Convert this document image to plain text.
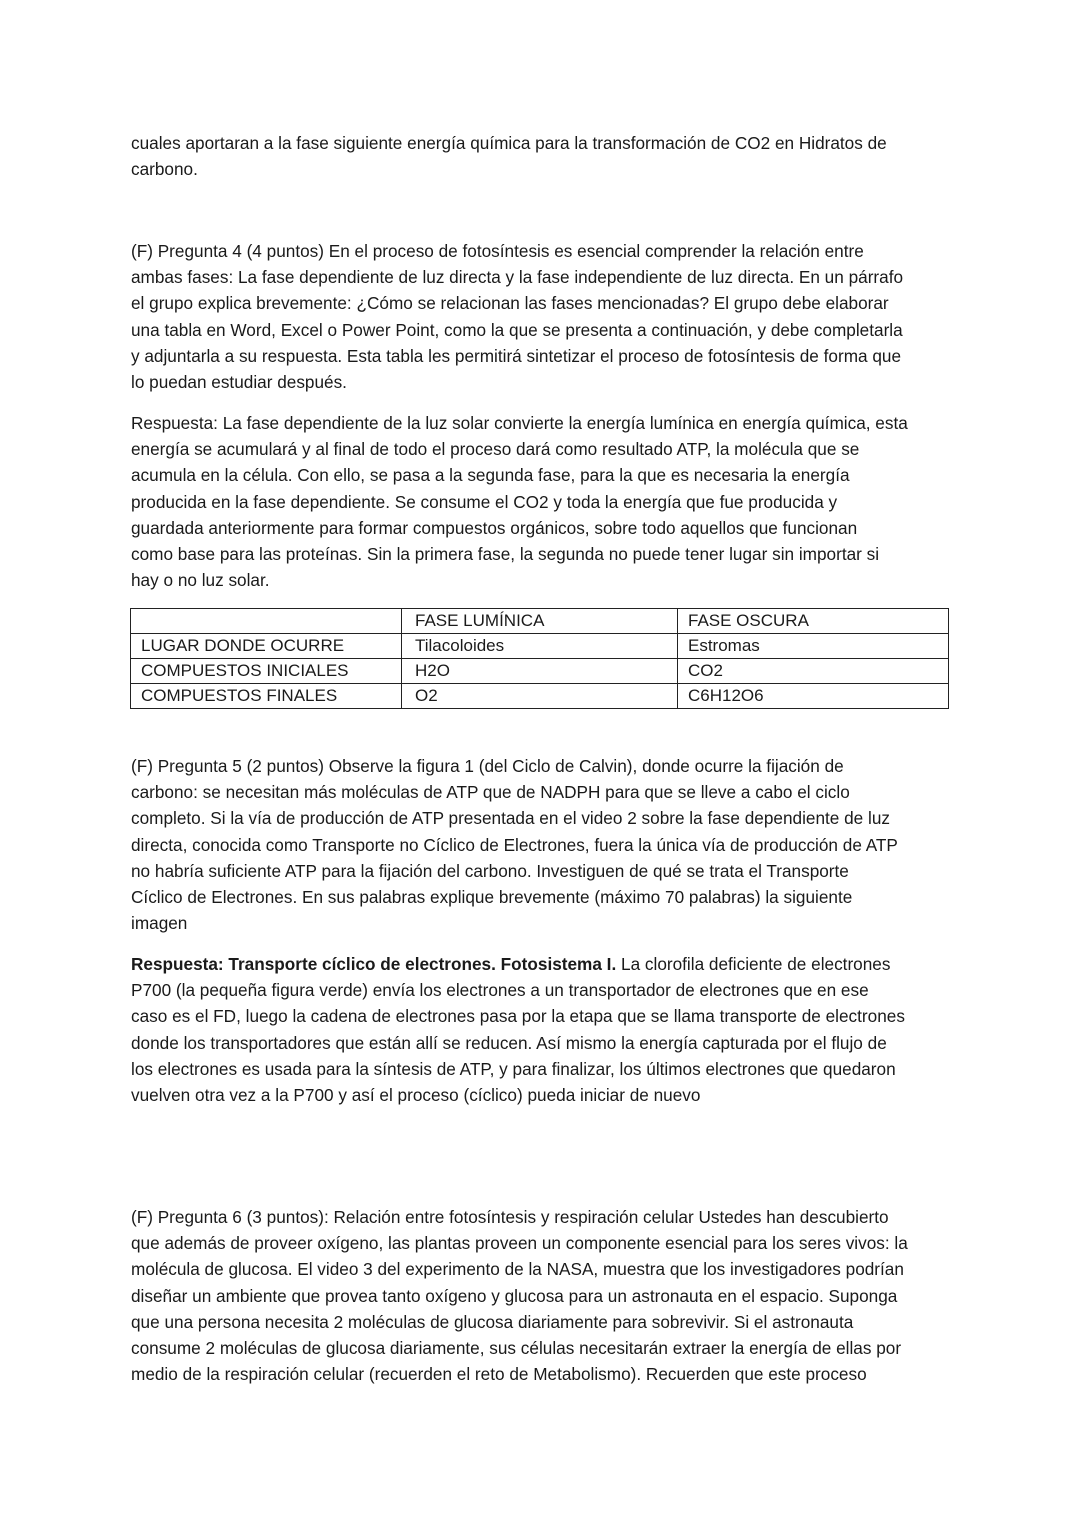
cuales aportaran a la fase siguiente energía química para la transformación de CO2 en Hidratos de
carbono.

(F) Pregunta 4 (4 puntos) En el proceso de fotosíntesis es esencial comprender la relación entre
ambas fases: La fase dependiente de luz directa y la fase independiente de luz directa. En un párrafo
el grupo explica brevemente: ¿Cómo se relacionan las fases mencionadas? El grupo debe elaborar
una tabla en Word, Excel o Power Point, como la que se presenta a continuación, y debe completarla
y adjuntarla a su respuesta. Esta tabla les permitirá sintetizar el proceso de fotosíntesis de forma que
lo puedan estudiar después.

Respuesta: La fase dependiente de la luz solar convierte la energía lumínica en energía química, esta
energía se acumulará y al final de todo el proceso dará como resultado ATP, la molécula que se
acumula en la célula. Con ello, se pasa a la segunda fase, para la que es necesaria la energía
producida en la fase dependiente. Se consume el CO2 y toda la energía que fue producida y
guardada anteriormente para formar compuestos orgánicos, sobre todo aquellos que funcionan
como base para las proteínas. Sin la primera fase, la segunda no puede tener lugar sin importar si
hay o no luz solar.

	FASE LUMÍNICA	FASE OSCURA
LUGAR DONDE OCURRE	Tilacoloides	Estromas
COMPUESTOS INICIALES	H2O	CO2
COMPUESTOS FINALES	O2	C6H12O6

(F) Pregunta 5 (2 puntos) Observe la figura 1 (del Ciclo de Calvin), donde ocurre la fijación de
carbono: se necesitan más moléculas de ATP que de NADPH para que se lleve a cabo el ciclo
completo. Si la vía de producción de ATP presentada en el video 2 sobre la fase dependiente de luz
directa, conocida como Transporte no Cíclico de Electrones, fuera la única vía de producción de ATP
no habría suficiente ATP para la fijación del carbono. Investiguen de qué se trata el Transporte
Cíclico de Electrones. En sus palabras explique brevemente (máximo 70 palabras) la siguiente
imagen

Respuesta: Transporte cíclico de electrones. Fotosistema I. La clorofila deficiente de electrones
P700 (la pequeña figura verde) envía los electrones a un transportador de electrones que en ese
caso es el FD, luego la cadena de electrones pasa por la etapa que se llama transporte de electrones
donde los transportadores que están allí se reducen. Así mismo la energía capturada por el flujo de
los electrones es usada para la síntesis de ATP, y para finalizar, los últimos electrones que quedaron
vuelven otra vez a la P700 y así el proceso (cíclico) pueda iniciar de nuevo

(F) Pregunta 6 (3 puntos): Relación entre fotosíntesis y respiración celular Ustedes han descubierto
que además de proveer oxígeno, las plantas proveen un componente esencial para los seres vivos: la
molécula de glucosa. El video 3 del experimento de la NASA, muestra que los investigadores podrían
diseñar un ambiente que provea tanto oxígeno y glucosa para un astronauta en el espacio. Suponga
que una persona necesita 2 moléculas de glucosa diariamente para sobrevivir. Si el astronauta
consume 2 moléculas de glucosa diariamente, sus células necesitarán extraer la energía de ellas por
medio de la respiración celular (recuerden el reto de Metabolismo). Recuerden que este proceso
